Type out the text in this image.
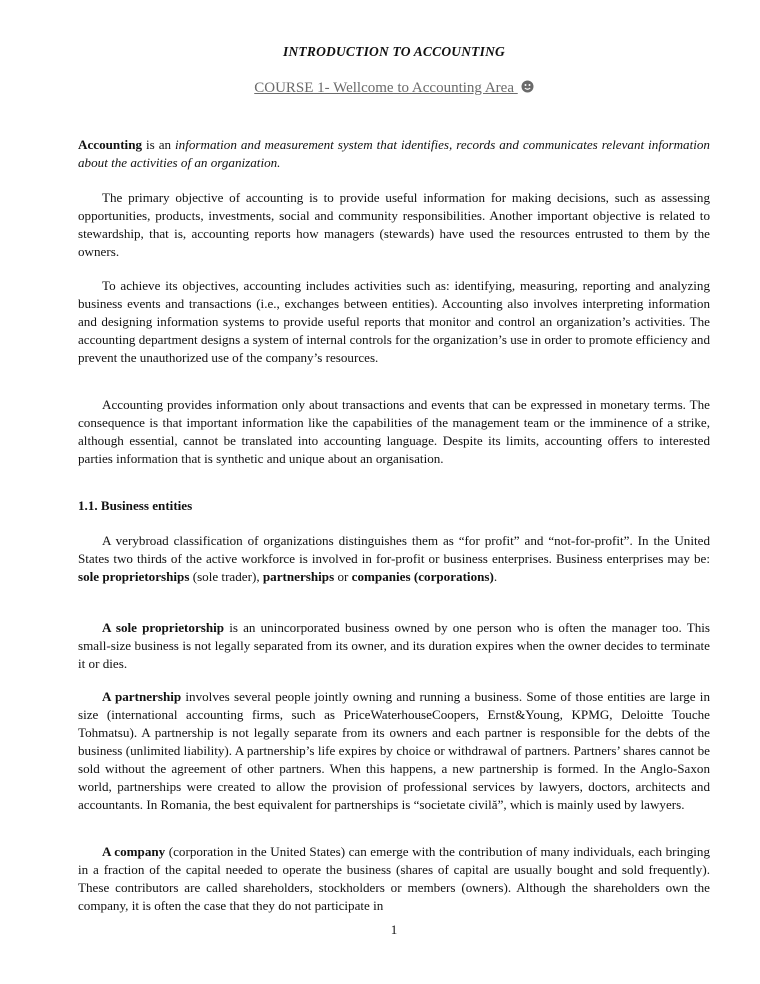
INTRODUCTION TO ACCOUNTING
COURSE 1- Wellcome to Accounting Area
Accounting is an information and measurement system that identifies, records and communicates relevant information about the activities of an organization.
The primary objective of accounting is to provide useful information for making decisions, such as assessing opportunities, products, investments, social and community responsibilities. Another important objective is related to stewardship, that is, accounting reports how managers (stewards) have used the resources entrusted to them by the owners.
To achieve its objectives, accounting includes activities such as: identifying, measuring, reporting and analyzing business events and transactions (i.e., exchanges between entities). Accounting also involves interpreting information and designing information systems to provide useful reports that monitor and control an organization’s activities. The accounting department designs a system of internal controls for the organization’s use in order to promote efficiency and prevent the unauthorized use of the company’s resources.
Accounting provides information only about transactions and events that can be expressed in monetary terms. The consequence is that important information like the capabilities of the management team or the imminence of a strike, although essential, cannot be translated into accounting language. Despite its limits, accounting offers to interested parties information that is synthetic and unique about an organisation.
1.1. Business entities
A verybroad classification of organizations distinguishes them as “for profit” and “not-for-profit”. In the United States two thirds of the active workforce is involved in for-profit or business enterprises. Business enterprises may be: sole proprietorships (sole trader), partnerships or companies (corporations).
A sole proprietorship is an unincorporated business owned by one person who is often the manager too. This small-size business is not legally separated from its owner, and its duration expires when the owner decides to terminate it or dies.
A partnership involves several people jointly owning and running a business. Some of those entities are large in size (international accounting firms, such as PriceWaterhouseCoopers, Ernst&Young, KPMG, Deloitte Touche Tohmatsu). A partnership is not legally separate from its owners and each partner is responsible for the debts of the business (unlimited liability). A partnership’s life expires by choice or withdrawal of partners. Partners’ shares cannot be sold without the agreement of other partners. When this happens, a new partnership is formed. In the Anglo-Saxon world, partnerships were created to allow the provision of professional services by lawyers, doctors, architects and accountants. In Romania, the best equivalent for partnerships is “societate civilă”, which is mainly used by lawyers.
A company (corporation in the United States) can emerge with the contribution of many individuals, each bringing in a fraction of the capital needed to operate the business (shares of capital are usually bought and sold frequently). These contributors are called shareholders, stockholders or members (owners). Although the shareholders own the company, it is often the case that they do not participate in
1
